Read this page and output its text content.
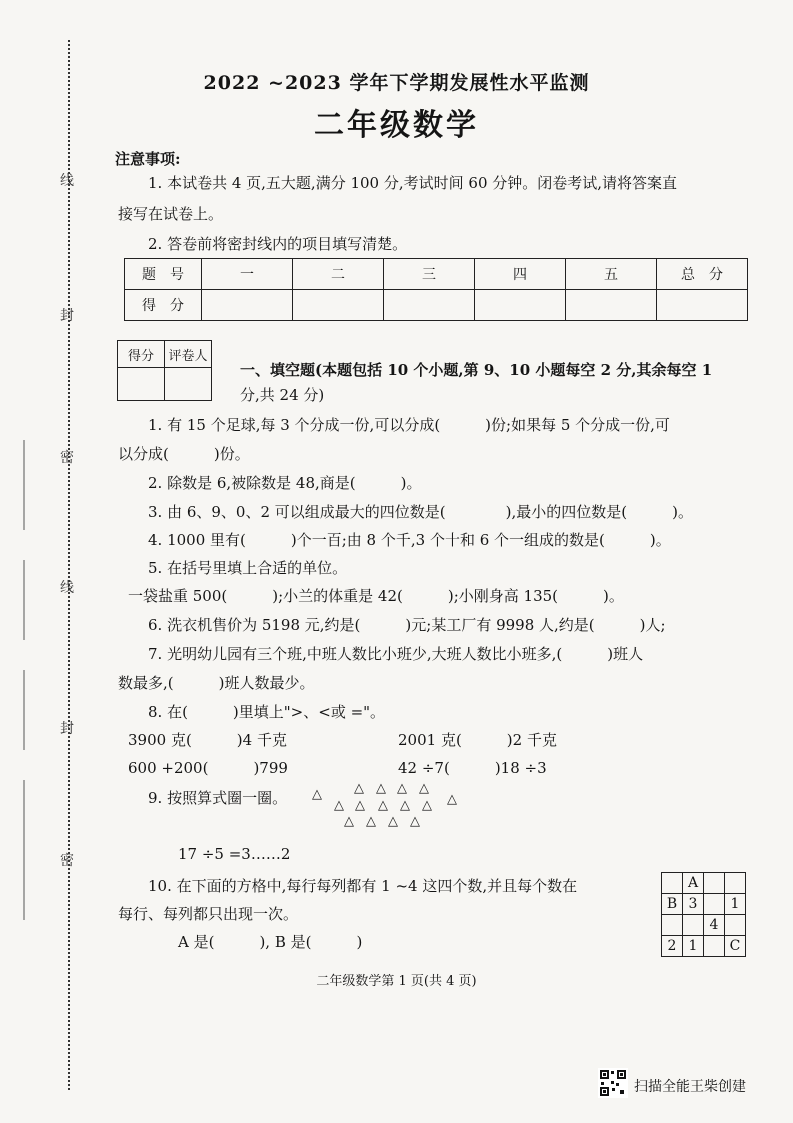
线
封
密
线
封
密
2022 ~2023 学年下学期发展性水平监测
二年级数学
注意事项:
1. 本试卷共 4 页,五大题,满分 100 分,考试时间 60 分钟。闭卷考试,请将答案直
接写在试卷上。
2. 答卷前将密封线内的项目填写清楚。
题　号	一	二	三	四	五	总　分
得　分						
得分	评卷人

一、填空题(本题包括 10 个小题,第 9、10 小题每空 2 分,其余每空 1
分,共 24 分)
1. 有 15 个足球,每 3 个分成一份,可以分成(　　　)份;如果每 5 个分成一份,可
以分成(　　　)份。
2. 除数是 6,被除数是 48,商是(　　　)。
3. 由 6、9、0、2 可以组成最大的四位数是(　　　　),最小的四位数是(　　　)。
4. 1000 里有(　　　)个一百;由 8 个千,3 个十和 6 个一组成的数是(　　　)。
5. 在括号里填上合适的单位。
一袋盐重 500(　　　);小兰的体重是 42(　　　);小刚身高 135(　　　)。
6. 洗衣机售价为 5198 元,约是(　　　)元;某工厂有 9998 人,约是(　　　)人;
7. 光明幼儿园有三个班,中班人数比小班少,大班人数比小班多,(　　　)班人
数最多,(　　　)班人数最少。
8. 在(　　　)里填上">、<或 ="。
3900 克(　　　)4 千克	2001 克(　　　)2 千克
600 +200(　　　)799	42 ÷7(　　　)18 ÷3
9. 按照算式圈一圈。 △ △ △ △ △
△ △ △ △ △ △
△ △ △ △
17 ÷5 =3……2
10. 在下面的方格中,每行每列都有 1 ~4 这四个数,并且每个数在
每行、每列都只出现一次。
A 是(　　　), B 是(　　　)
	A		
B	3		1
		4	
2	1		C
二年级数学第 1 页(共 4 页)
扫描全能王柴创建
